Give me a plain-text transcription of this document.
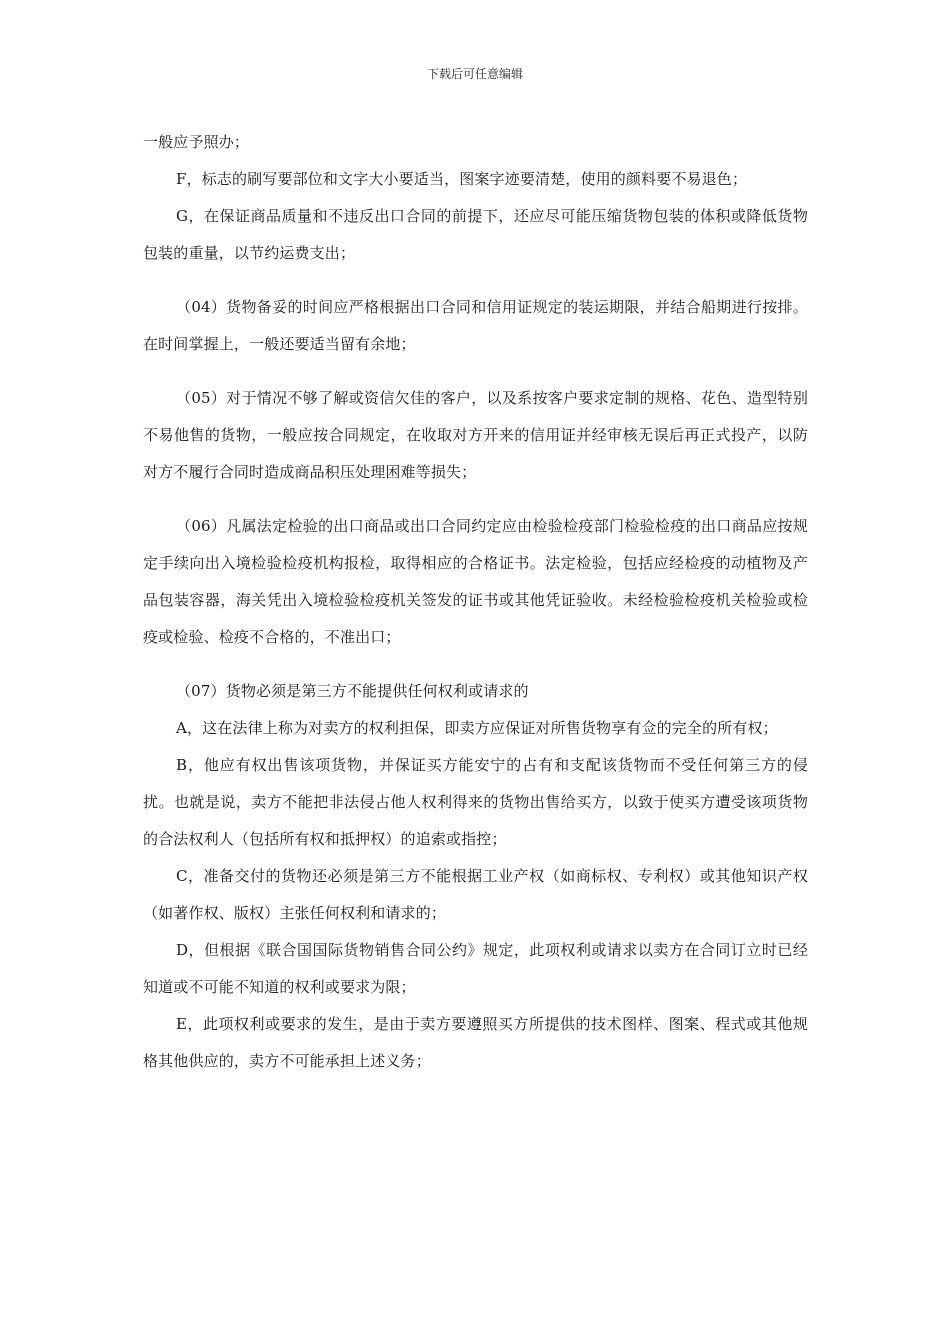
下载后可任意编辑

一般应予照办；

F，标志的刷写要部位和文字大小要适当，图案字迹要清楚，使用的颜料要不易退色；

G，在保证商品质量和不违反出口合同的前提下，还应尽可能压缩货物包装的体积或降低货物包装的重量，以节约运费支出；

（04）货物备妥的时间应严格根据出口合同和信用证规定的装运期限，并结合船期进行按排。在时间掌握上，一般还要适当留有余地；

（05）对于情况不够了解或资信欠佳的客户，以及系按客户要求定制的规格、花色、造型特别不易他售的货物，一般应按合同规定，在收取对方开来的信用证并经审核无误后再正式投产，以防对方不履行合同时造成商品积压处理困难等损失；

（06）凡属法定检验的出口商品或出口合同约定应由检验检疫部门检验检疫的出口商品应按规定手续向出入境检验检疫机构报检，取得相应的合格证书。法定检验，包括应经检疫的动植物及产品包装容器，海关凭出入境检验检疫机关签发的证书或其他凭证验收。未经检验检疫机关检验或检疫或检验、检疫不合格的，不准出口；

（07）货物必须是第三方不能提供任何权利或请求的

A，这在法律上称为对卖方的权利担保，即卖方应保证对所售货物享有佥的完全的所有权；

B，他应有权出售该项货物，并保证买方能安宁的占有和支配该货物而不受任何第三方的侵扰。也就是说，卖方不能把非法侵占他人权利得来的货物出售给买方，以致于使买方遭受该项货物的合法权利人（包括所有权和抵押权）的追索或指控；

C，准备交付的货物还必须是第三方不能根据工业产权（如商标权、专利权）或其他知识产权（如著作权、版权）主张任何权利和请求的；

D，但根据《联合国国际货物销售合同公约》规定，此项权利或请求以卖方在合同订立时已经知道或不可能不知道的权利或要求为限；

E，此项权利或要求的发生，是由于卖方要遵照买方所提供的技术图样、图案、程式或其他规格其他供应的，卖方不可能承担上述义务；
